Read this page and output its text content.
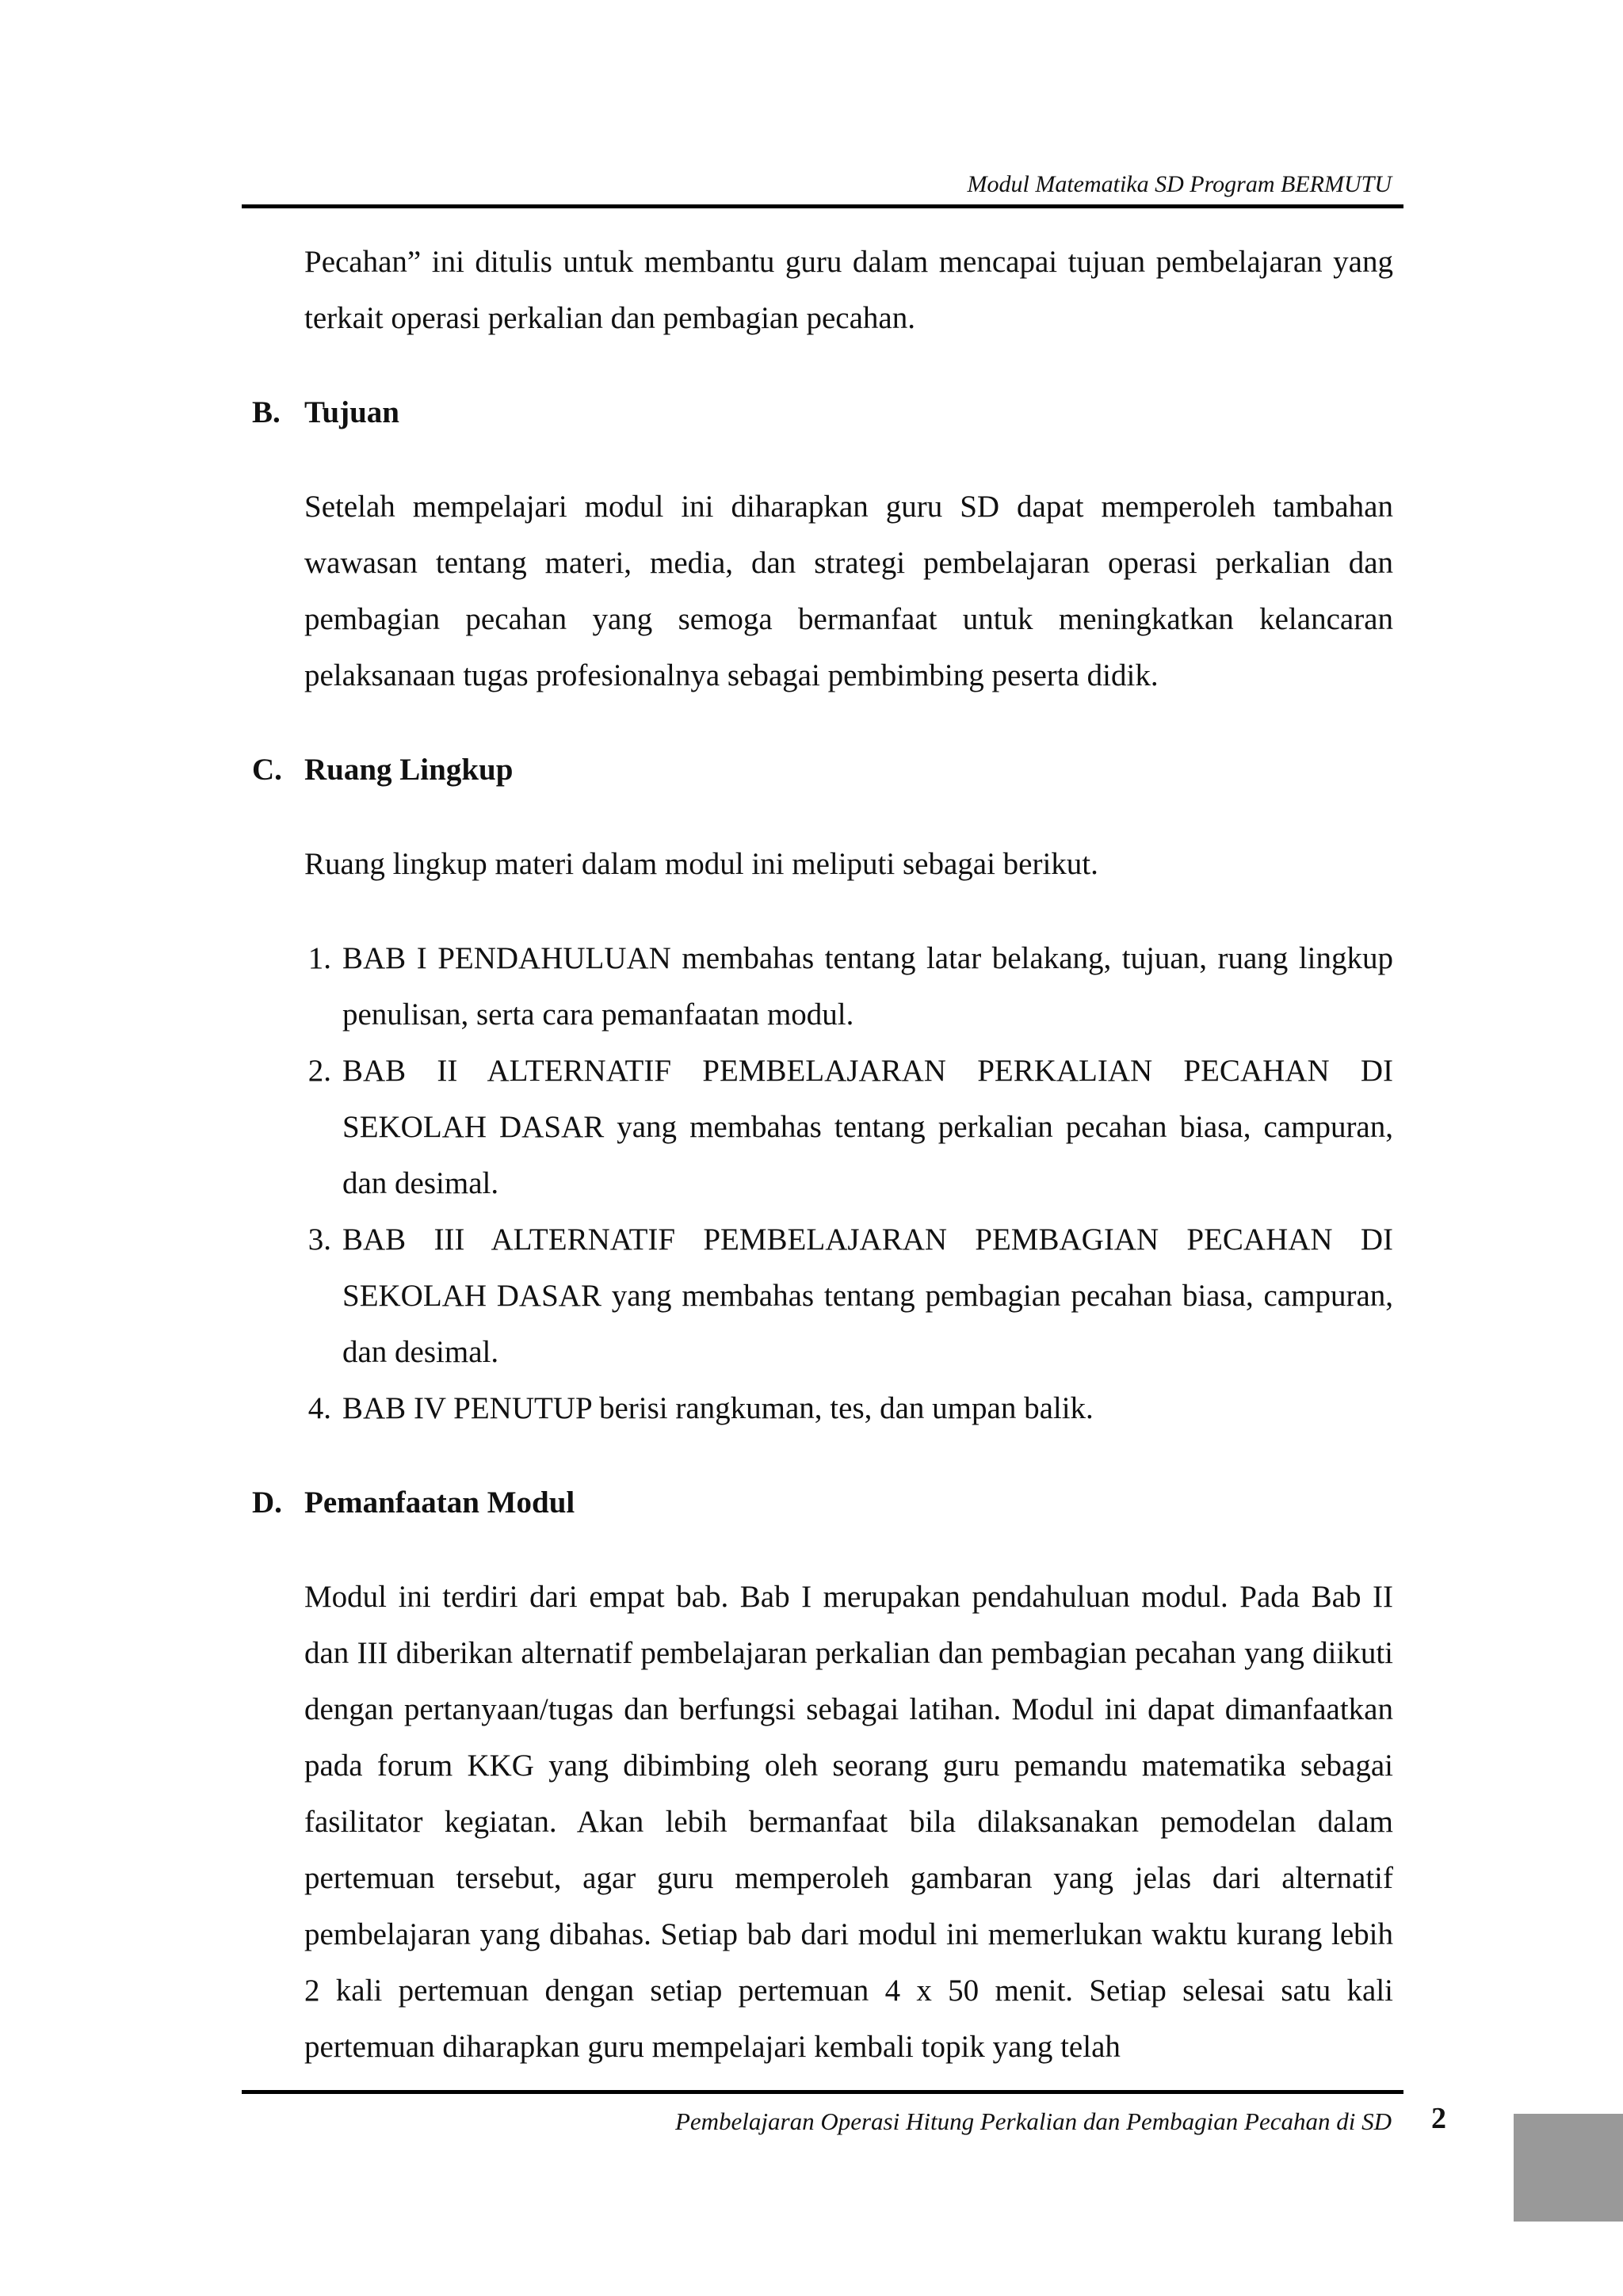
Modul Matematika SD Program BERMUTU

Pecahan” ini ditulis untuk membantu guru dalam mencapai tujuan pembelajaran yang terkait operasi perkalian dan pembagian pecahan.

B. Tujuan

Setelah mempelajari modul ini diharapkan guru SD dapat memperoleh tambahan wawasan tentang materi, media, dan strategi pembelajaran operasi perkalian dan pembagian pecahan yang semoga bermanfaat untuk meningkatkan kelancaran pelaksanaan tugas profesionalnya sebagai pembimbing peserta didik.

C. Ruang Lingkup

Ruang lingkup materi dalam modul ini meliputi sebagai berikut.

1. BAB I PENDAHULUAN membahas tentang latar belakang, tujuan, ruang lingkup penulisan, serta cara pemanfaatan modul.
2. BAB II ALTERNATIF PEMBELAJARAN PERKALIAN PECAHAN DI SEKOLAH DASAR yang membahas tentang perkalian pecahan biasa, campuran, dan desimal.
3. BAB III ALTERNATIF PEMBELAJARAN PEMBAGIAN PECAHAN DI SEKOLAH DASAR yang membahas tentang pembagian pecahan biasa, campuran, dan desimal.
4. BAB IV PENUTUP berisi rangkuman, tes, dan umpan balik.
D. Pemanfaatan Modul

Modul ini terdiri dari empat bab. Bab I merupakan pendahuluan modul. Pada Bab II dan III diberikan alternatif pembelajaran perkalian dan pembagian pecahan yang diikuti dengan pertanyaan/tugas dan berfungsi sebagai latihan. Modul ini dapat dimanfaatkan pada forum KKG yang dibimbing oleh seorang guru pemandu matematika sebagai fasilitator kegiatan. Akan lebih bermanfaat bila dilaksanakan pemodelan dalam pertemuan tersebut, agar guru memperoleh gambaran yang jelas dari alternatif pembelajaran yang dibahas. Setiap bab dari modul ini memerlukan waktu kurang lebih 2 kali pertemuan dengan setiap pertemuan 4 x 50 menit. Setiap selesai satu kali pertemuan diharapkan guru mempelajari kembali topik yang telah

Pembelajaran Operasi Hitung Perkalian dan Pembagian Pecahan di SD 2
